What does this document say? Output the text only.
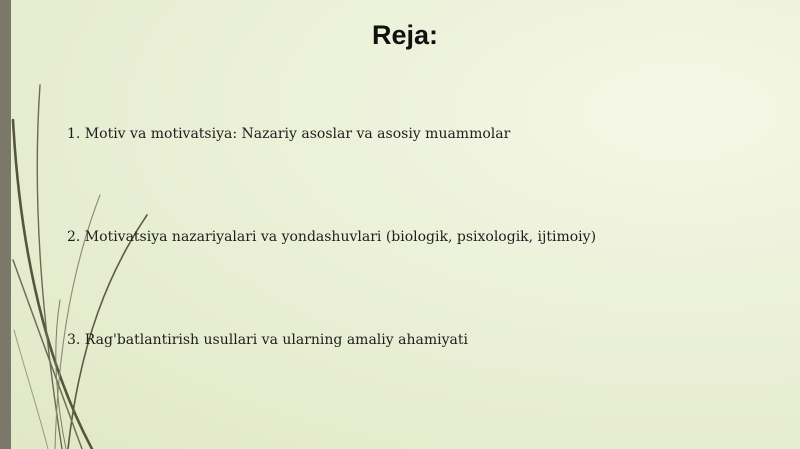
Reja:
1. Motiv va motivatsiya: Nazariy asoslar va asosiy muammolar
2. Motivatsiya nazariyalari va yondashuvlari (biologik, psixologik, ijtimoiy)
3. Rag'batlantirish usullari va ularning amaliy ahamiyati
